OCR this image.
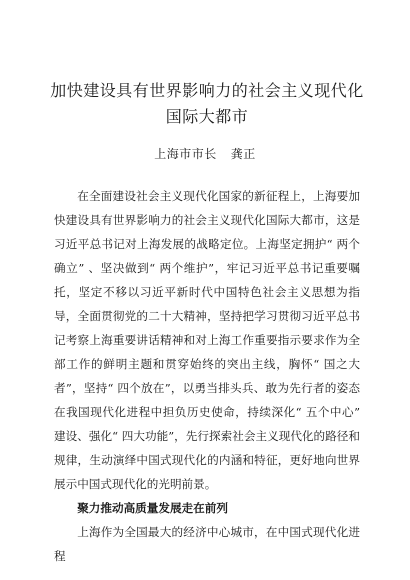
加快建设具有世界影响力的社会主义现代化国际大都市
上海市市长 龚正

在全面建设社会主义现代化国家的新征程上，上海要加快建设具有世界影响力的社会主义现代化国际大都市，这是习近平总书记对上海发展的战略定位。上海坚定拥护“ 两个确立” 、坚决做到“ 两个维护”，牢记习近平总书记重要嘱托，坚定不移以习近平新时代中国特色社会主义思想为指导，全面贯彻党的二十大精神，坚持把学习贯彻习近平总书记考察上海重要讲话精神和对上海工作重要指示要求作为全部工作的鲜明主题和贯穿始终的突出主线，胸怀“ 国之大者”，坚持“ 四个放在”，以勇当排头兵、敢为先行者的姿态在我国现代化进程中担负历史使命，持续深化“ 五个中心” 建设、强化“ 四大功能”，先行探索社会主义现代化的路径和规律，生动演绎中国式现代化的内涵和特征，更好地向世界展示中国式现代化的光明前景。

聚力推动高质量发展走在前列

上海作为全国最大的经济中心城市，在中国式现代化进程
